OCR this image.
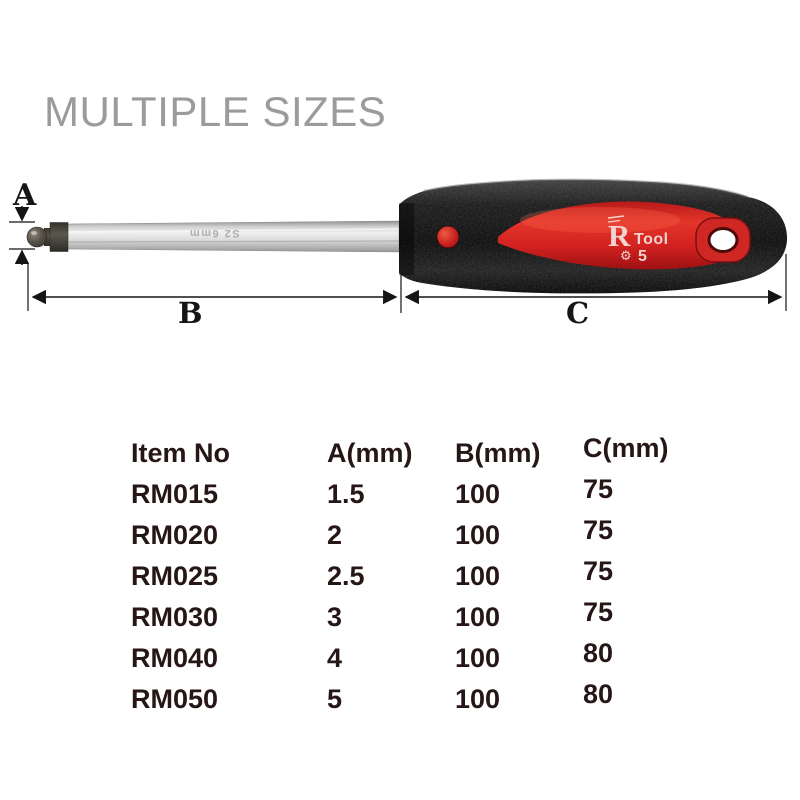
MULTIPLE SIZES
A
B	C
S2 6mm	R Tool
⚙ 5
Item No	A(mm)	B(mm)	C(mm)
RM015	1.5	100	75
RM020	2	100	75
RM025	2.5	100	75
RM030	3	100	75
RM040	4	100	80
RM050	5	100	80
